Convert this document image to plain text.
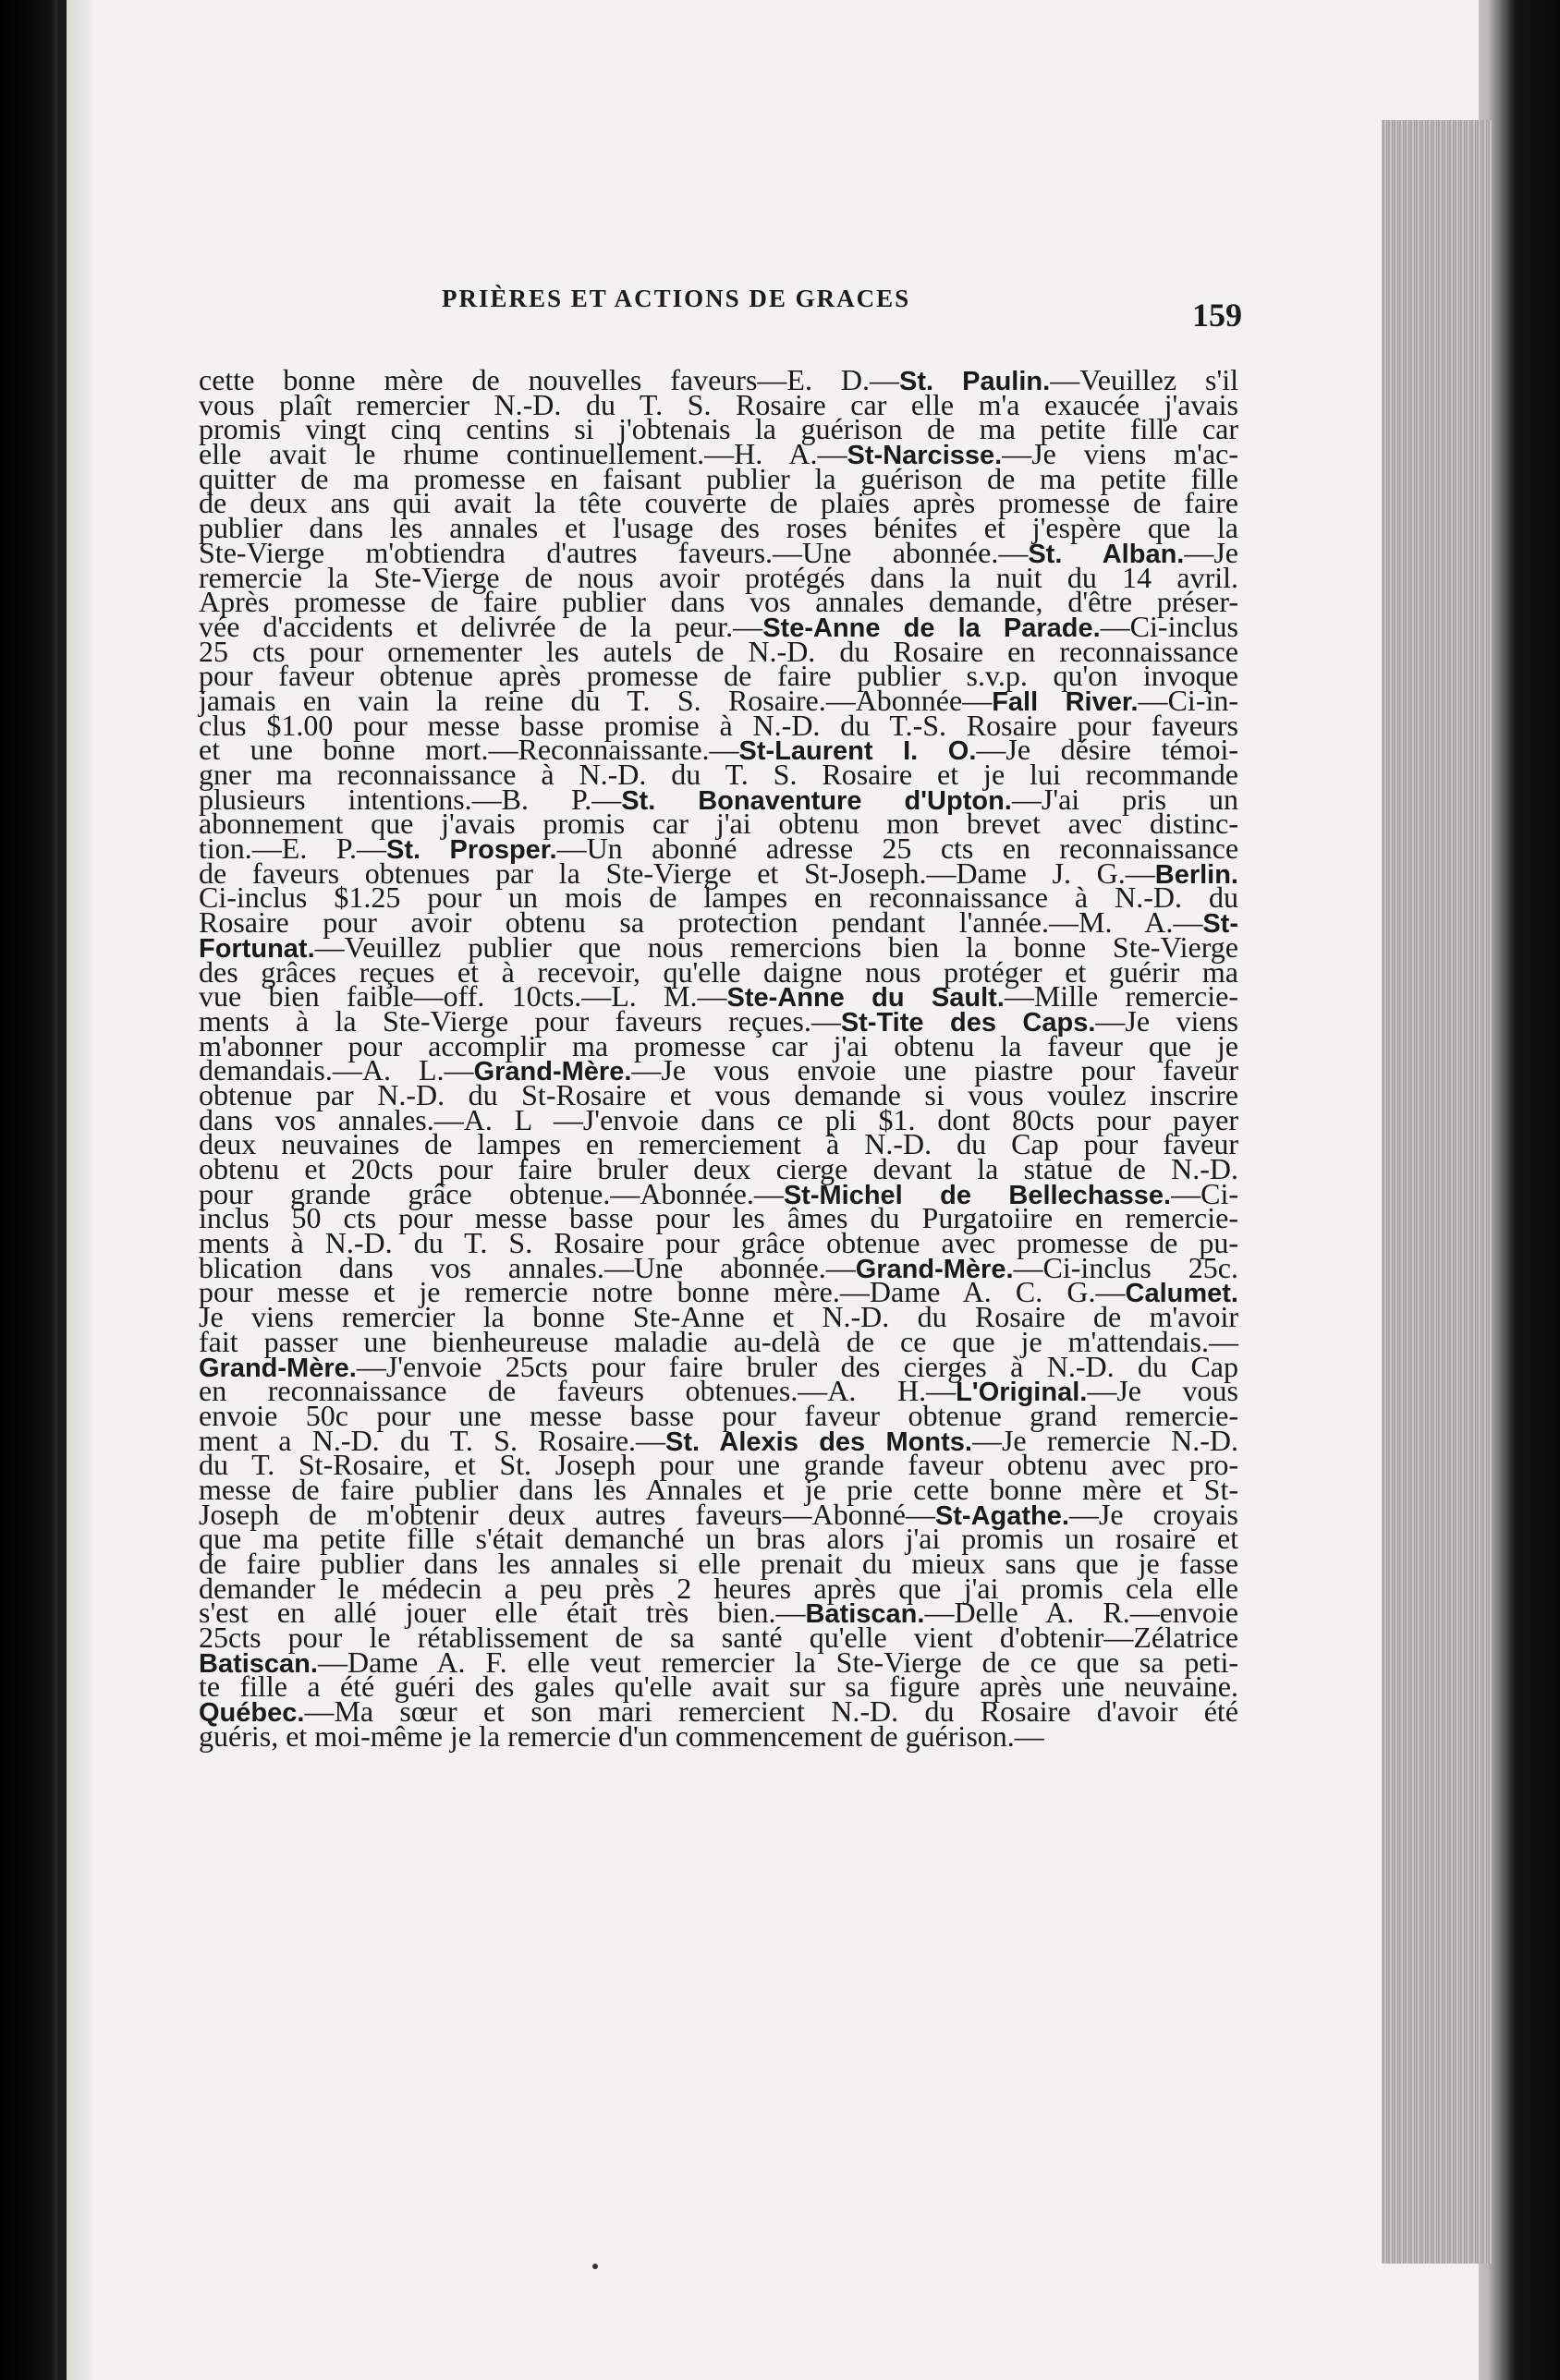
PRIÈRES ET ACTIONS DE GRACES	159
cette bonne mère de nouvelles faveurs—E. D.—St. Paulin.—Veuillez s'il
vous plaît remercier N.-D. du T. S. Rosaire car elle m'a exaucée j'avais
promis vingt cinq centins si j'obtenais la guérison de ma petite fille car
elle avait le rhume continuellement.—H. A.—St-Narcisse.—Je viens m'ac-
quitter de ma promesse en faisant publier la guérison de ma petite fille
de deux ans qui avait la tête couverte de plaies après promesse de faire
publier dans les annales et l'usage des roses bénites et j'espère que la
Ste-Vierge m'obtiendra d'autres faveurs.—Une abonnée.—St. Alban.—Je
remercie la Ste-Vierge de nous avoir protégés dans la nuit du 14 avril.
Après promesse de faire publier dans vos annales demande, d'être préser-
vée d'accidents et delivrée de la peur.—Ste-Anne de la Parade.—Ci-inclus
25 cts pour ornementer les autels de N.-D. du Rosaire en reconnaissance
pour faveur obtenue après promesse de faire publier s.v.p. qu'on invoque
jamais en vain la reine du T. S. Rosaire.—Abonnée—Fall River.—Ci-in-
clus $1.00 pour messe basse promise à N.-D. du T.-S. Rosaire pour faveurs
et une bonne mort.—Reconnaissante.—St-Laurent I. O.—Je désire témoi-
gner ma reconnaissance à N.-D. du T. S. Rosaire et je lui recommande
plusieurs intentions.—B. P.—St. Bonaventure d'Upton.—J'ai pris un
abonnement que j'avais promis car j'ai obtenu mon brevet avec distinc-
tion.—E. P.—St. Prosper.—Un abonné adresse 25 cts en reconnaissance
de faveurs obtenues par la Ste-Vierge et St-Joseph.—Dame J. G.—Berlin.
Ci-inclus $1.25 pour un mois de lampes en reconnaissance à N.-D. du
Rosaire pour avoir obtenu sa protection pendant l'année.—M. A.—St-
Fortunat.—Veuillez publier que nous remercions bien la bonne Ste-Vierge
des grâces reçues et à recevoir, qu'elle daigne nous protéger et guérir ma
vue bien faible—off. 10cts.—L. M.—Ste-Anne du Sault.—Mille remercie-
ments à la Ste-Vierge pour faveurs reçues.—St-Tite des Caps.—Je viens
m'abonner pour accomplir ma promesse car j'ai obtenu la faveur que je
demandais.—A. L.—Grand-Mère.—Je vous envoie une piastre pour faveur
obtenue par N.-D. du St-Rosaire et vous demande si vous voulez inscrire
dans vos annales.—A. L —J'envoie dans ce pli $1. dont 80cts pour payer
deux neuvaines de lampes en remerciement à N.-D. du Cap pour faveur
obtenu et 20cts pour faire bruler deux cierge devant la statue de N.-D.
pour grande grâce obtenue.—Abonnée.—St-Michel de Bellechasse.—Ci-
inclus 50 cts pour messe basse pour les âmes du Purgatoiire en remercie-
ments à N.-D. du T. S. Rosaire pour grâce obtenue avec promesse de pu-
blication dans vos annales.—Une abonnée.—Grand-Mère.—Ci-inclus 25c.
pour messe et je remercie notre bonne mère.—Dame A. C. G.—Calumet.
Je viens remercier la bonne Ste-Anne et N.-D. du Rosaire de m'avoir
fait passer une bienheureuse maladie au-delà de ce que je m'attendais.—
Grand-Mère.—J'envoie 25cts pour faire bruler des cierges à N.-D. du Cap
en reconnaissance de faveurs obtenues.—A. H.—L'Original.—Je vous
envoie 50c pour une messe basse pour faveur obtenue grand remercie-
ment a N.-D. du T. S. Rosaire.—St. Alexis des Monts.—Je remercie N.-D.
du T. St-Rosaire, et St. Joseph pour une grande faveur obtenu avec pro-
messe de faire publier dans les Annales et je prie cette bonne mère et St-
Joseph de m'obtenir deux autres faveurs—Abonné—St-Agathe.—Je croyais
que ma petite fille s'était demanché un bras alors j'ai promis un rosaire et
de faire publier dans les annales si elle prenait du mieux sans que je fasse
demander le médecin a peu près 2 heures après que j'ai promis cela elle
s'est en allé jouer elle était très bien.—Batiscan.—Delle A. R.—envoie
25cts pour le rétablissement de sa santé qu'elle vient d'obtenir—Zélatrice
Batiscan.—Dame A. F. elle veut remercier la Ste-Vierge de ce que sa peti-
te fille a été guéri des gales qu'elle avait sur sa figure après une neuvaine.
Québec.—Ma sœur et son mari remercient N.-D. du Rosaire d'avoir été
guéris, et moi-même je la remercie d'un commencement de guérison.—
